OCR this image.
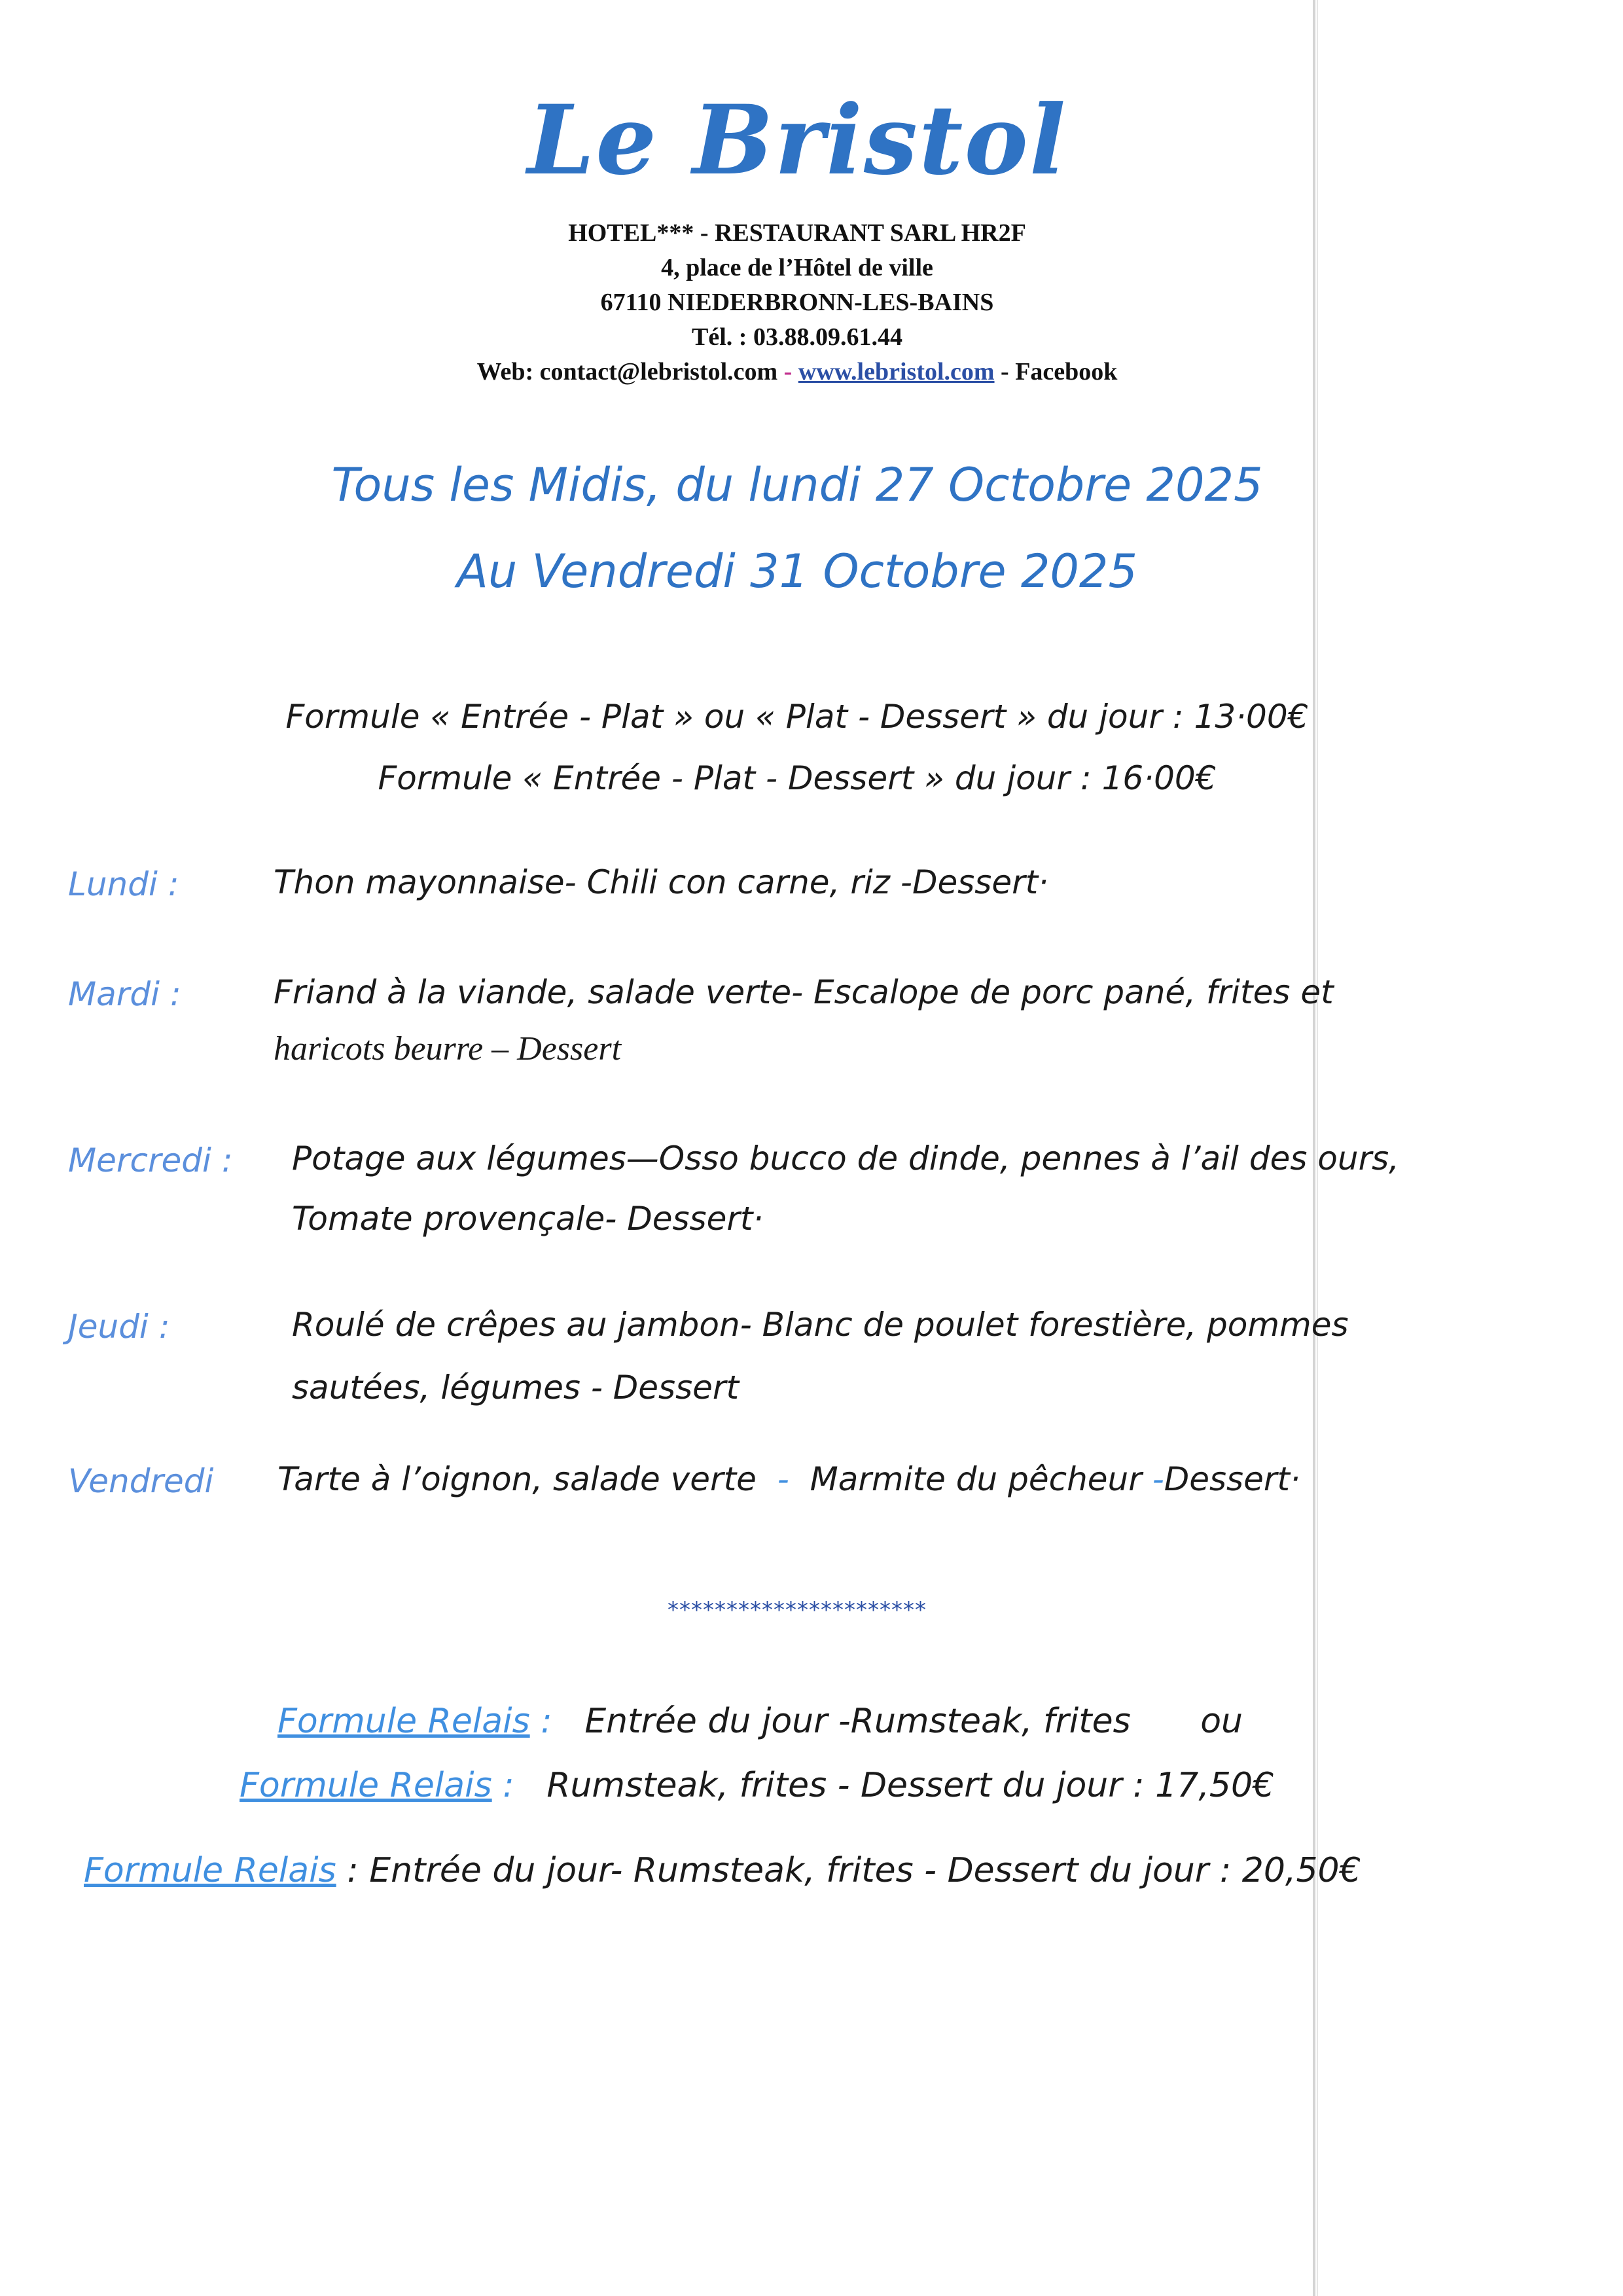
Le Bristol
HOTEL*** - RESTAURANT SARL HR2F
4, place de l’Hôtel de ville
67110 NIEDERBRONN-LES-BAINS
Tél. : 03.88.09.61.44
Web: contact@lebristol.com - www.lebristol.com - Facebook
Tous les Midis, du lundi 27 Octobre 2025
Au Vendredi 31 Octobre 2025
Formule « Entrée - Plat » ou « Plat - Dessert » du jour : 13·00€
Formule « Entrée - Plat - Dessert » du jour : 16·00€
Lundi :	Thon mayonnaise- Chili con carne, riz -Dessert·
Mardi :	Friand à la viande, salade verte- Escalope de porc pané, frites et
haricots beurre – Dessert
Mercredi : Potage aux légumes—Osso bucco de dinde, pennes à l’ail des ours,
Tomate provençale- Dessert·
Jeudi :	Roulé de crêpes au jambon- Blanc de poulet forestière, pommes
sautées, légumes - Dessert
Vendredi Tarte à l’oignon, salade verte - Marmite du pêcheur -Dessert·
**********************
Formule Relais : Entrée du jour -Rumsteak, frites ou
Formule Relais : Rumsteak, frites - Dessert du jour : 17,50€
Formule Relais : Entrée du jour- Rumsteak, frites - Dessert du jour : 20,50€
